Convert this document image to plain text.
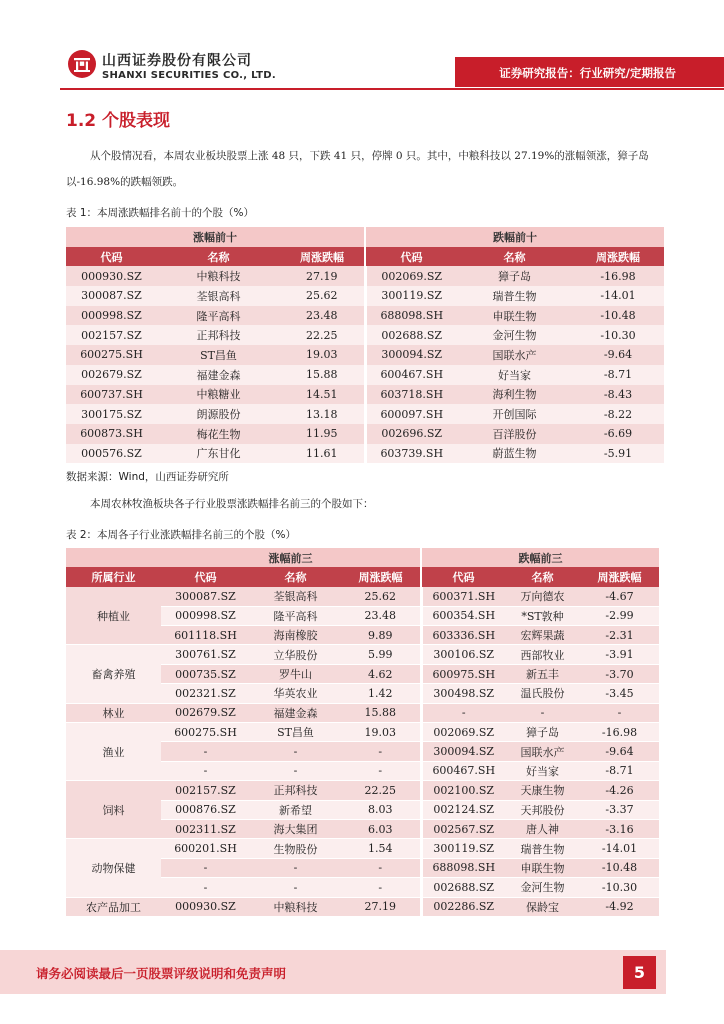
山西证券股份有限公司
SHANXI SECURITIES CO., LTD.	证券研究报告：行业研究/定期报告
1.2 个股表现
从个股情况看，本周农业板块股票上涨 48 只，下跌 41 只，停牌 0 只。其中，中粮科技以 27.19%的涨幅领涨，獐子岛以-16.98%的跌幅领跌。
表 1：本周涨跌幅排名前十的个股（%）
涨幅前十			跌幅前十		
代码	名称	周涨跌幅	代码	名称	周涨跌幅
000930.SZ	中粮科技	27.19	002069.SZ	獐子岛	-16.98
300087.SZ	荃银高科	25.62	300119.SZ	瑞普生物	-14.01
000998.SZ	隆平高科	23.48	688098.SH	申联生物	-10.48
002157.SZ	正邦科技	22.25	002688.SZ	金河生物	-10.30
600275.SH	ST昌鱼	19.03	300094.SZ	国联水产	-9.64
002679.SZ	福建金森	15.88	600467.SH	好当家	-8.71
600737.SH	中粮糖业	14.51	603718.SH	海利生物	-8.43
300175.SZ	朗源股份	13.18	600097.SH	开创国际	-8.22
600873.SH	梅花生物	11.95	002696.SZ	百洋股份	-6.69
000576.SZ	广东甘化	11.61	603739.SH	蔚蓝生物	-5.91
数据来源：Wind，山西证券研究所
本周农林牧渔板块各子行业股票涨跌幅排名前三的个股如下：
表 2：本周各子行业涨跌幅排名前三的个股（%）
	涨幅前三			跌幅前三		
所属行业	代码	名称	周涨跌幅	代码	名称	周涨跌幅
种植业	300087.SZ	荃银高科	25.62	600371.SH	万向德农	-4.67
	000998.SZ	隆平高科	23.48	600354.SH	*ST敦种	-2.99
	601118.SH	海南橡胶	9.89	603336.SH	宏辉果蔬	-2.31
畜禽养殖	300761.SZ	立华股份	5.99	300106.SZ	西部牧业	-3.91
	000735.SZ	罗牛山	4.62	600975.SH	新五丰	-3.70
	002321.SZ	华英农业	1.42	300498.SZ	温氏股份	-3.45
林业	002679.SZ	福建金森	15.88	-	-	-
渔业	600275.SH	ST昌鱼	19.03	002069.SZ	獐子岛	-16.98
	-	-	-	300094.SZ	国联水产	-9.64
	-	-	-	600467.SH	好当家	-8.71
饲料	002157.SZ	正邦科技	22.25	002100.SZ	天康生物	-4.26
	000876.SZ	新希望	8.03	002124.SZ	天邦股份	-3.37
	002311.SZ	海大集团	6.03	002567.SZ	唐人神	-3.16
动物保健	600201.SH	生物股份	1.54	300119.SZ	瑞普生物	-14.01
	-	-	-	688098.SH	申联生物	-10.48
	-	-	-	002688.SZ	金河生物	-10.30
农产品加工	000930.SZ	中粮科技	27.19	002286.SZ	保龄宝	-4.92
请务必阅读最后一页股票评级说明和免责声明	5
